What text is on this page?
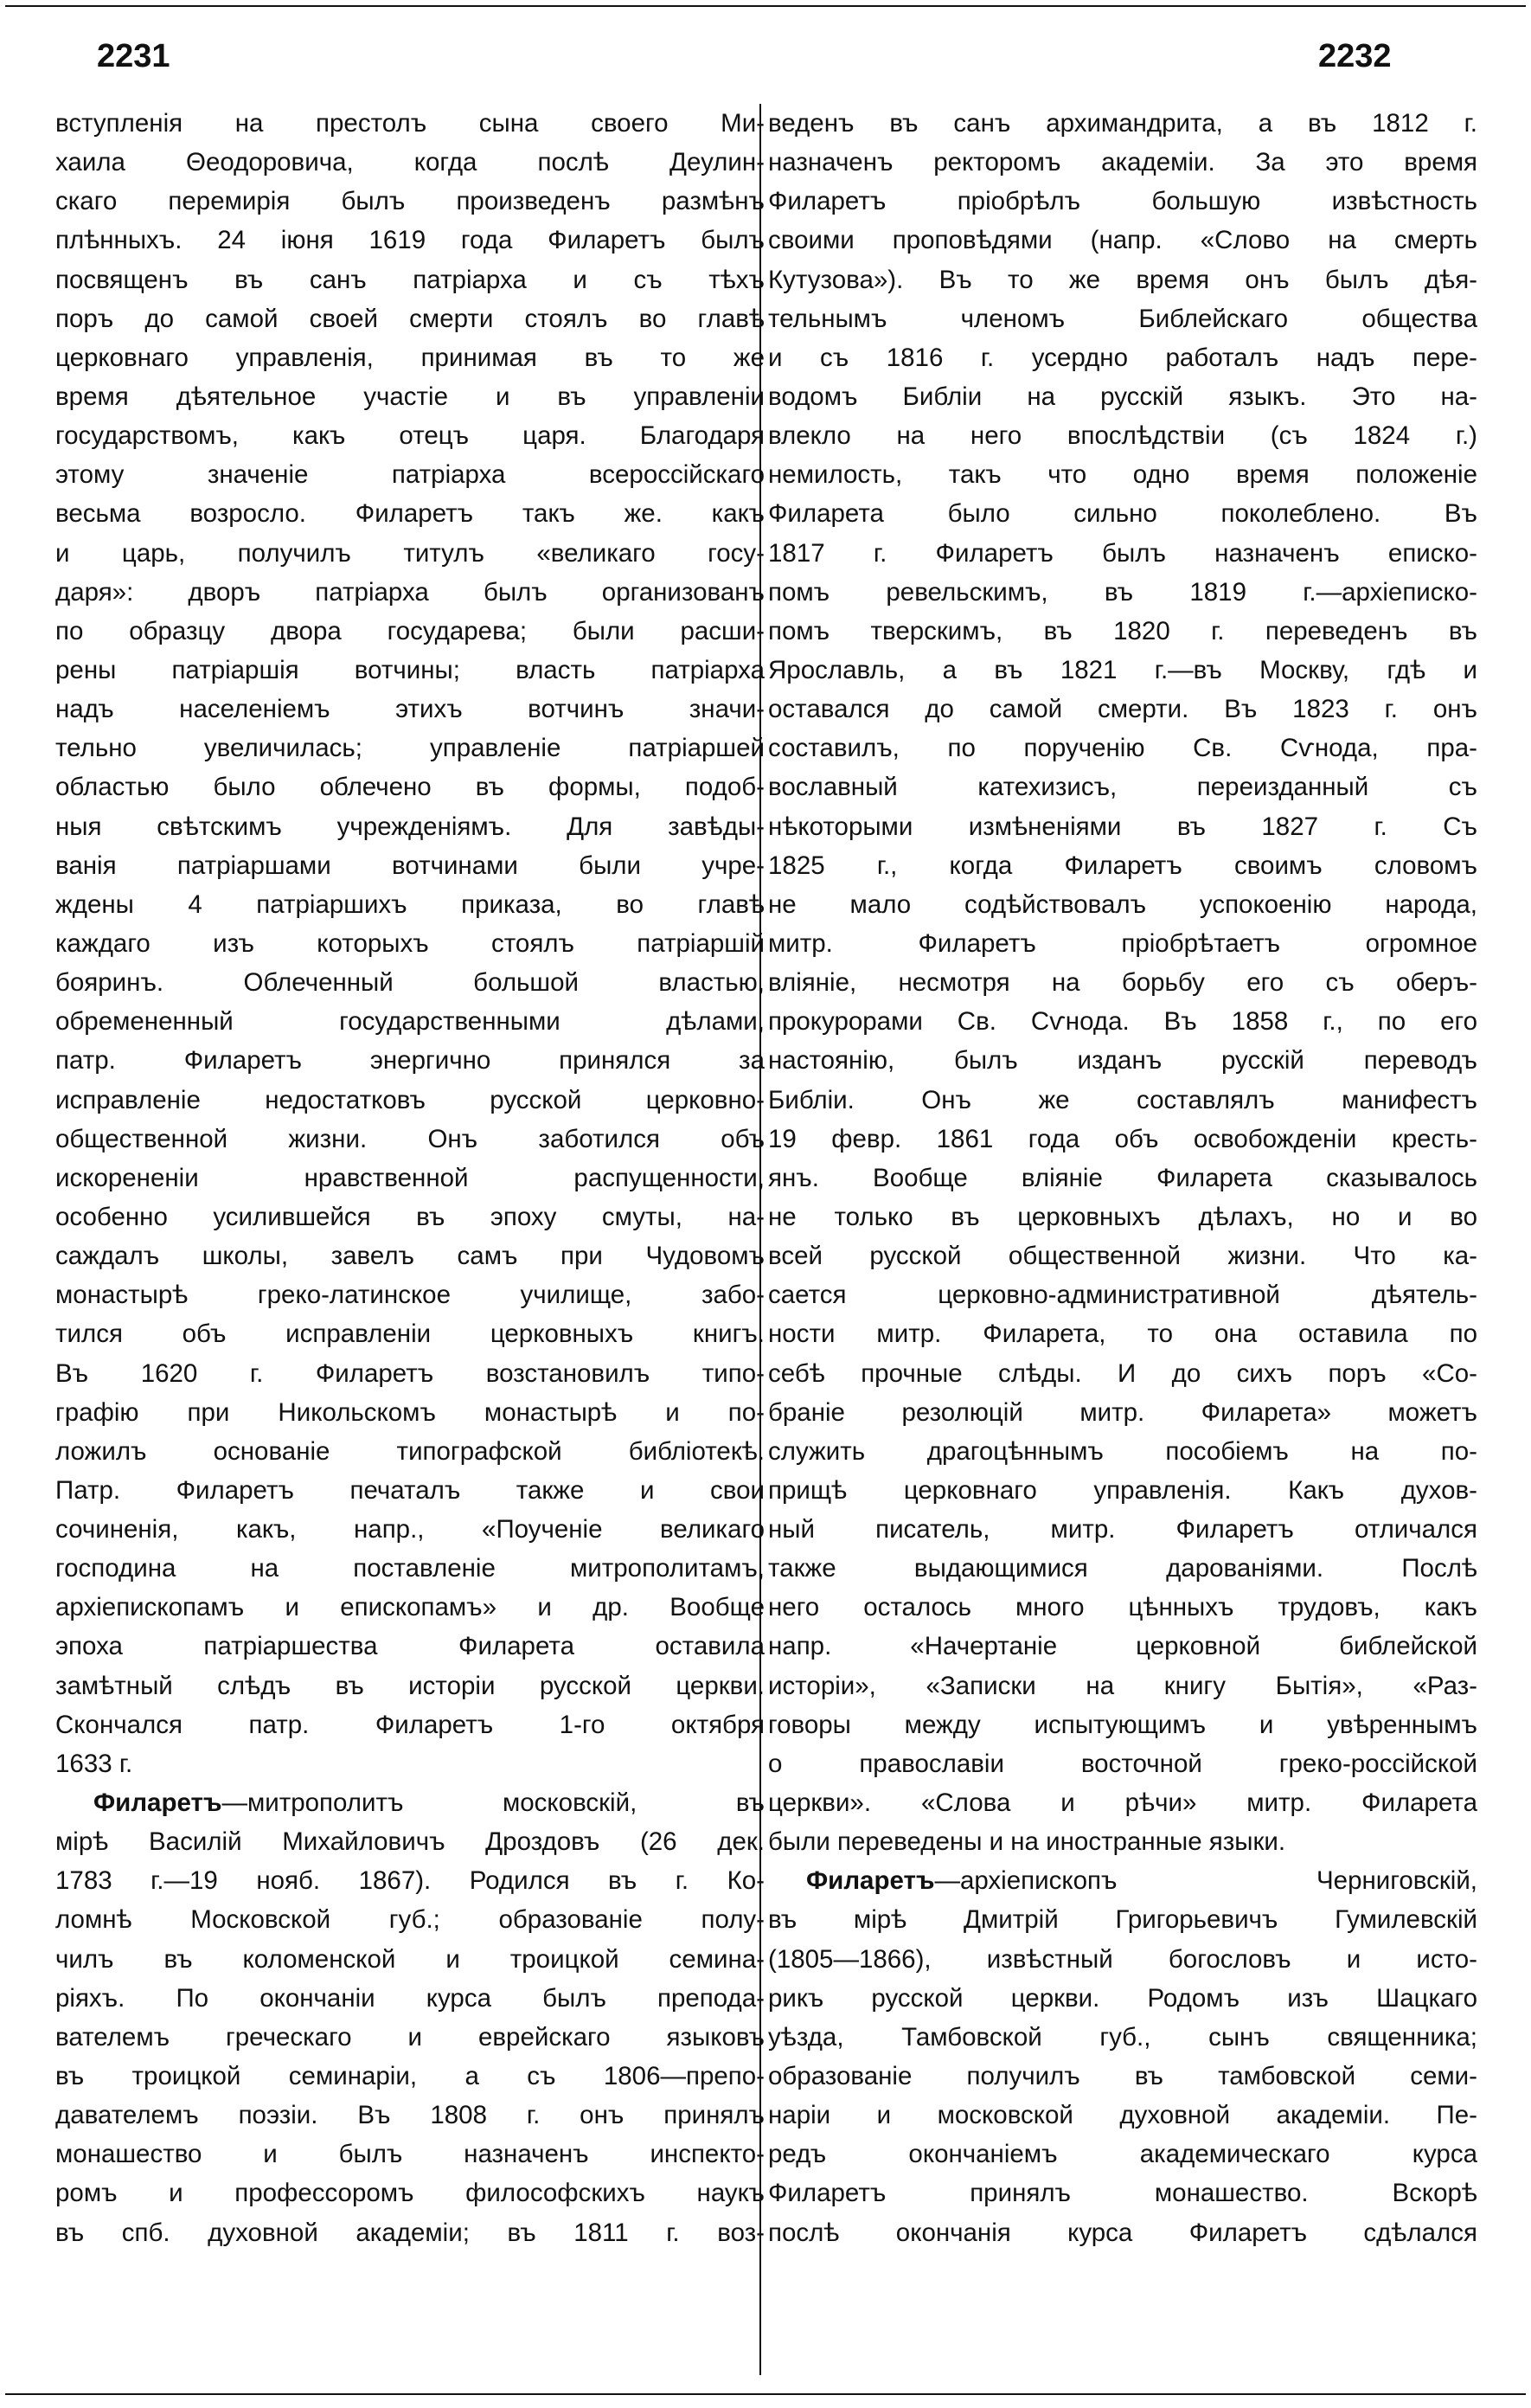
2231	2232
вступленія на престолъ сына своего Ми-
хаила Θеодоровича, когда послѣ Деулин-
скаго перемирія былъ произведенъ размѣнъ
плѣнныхъ. 24 іюня 1619 года Филаретъ былъ
посвященъ въ санъ патріарха и съ тѣхъ
поръ до самой своей смерти стоялъ во главѣ
церковнаго управленія, принимая въ то же
время дѣятельное участіе и въ управленіи
государствомъ, какъ отецъ царя. Благодаря
этому значеніе патріарха всероссійскаго
весьма возросло. Филаретъ такъ же. какъ
и царь, получилъ титулъ «великаго госу-
даря»: дворъ патріарха былъ организованъ
по образцу двора государева; были расши-
рены патріаршія вотчины; власть патріарха
надъ населеніемъ этихъ вотчинъ значи-
тельно увеличилась; управленіе патріаршей
областью было облечено въ формы, подоб-
ныя свѣтскимъ учрежденіямъ. Для завѣды-
ванія патріаршами вотчинами были учре-
ждены 4 патріаршихъ приказа, во главѣ
каждаго изъ которыхъ стоялъ патріаршій
бояринъ. Облеченный большой властью,
обремененный государственными дѣлами,
патр. Филаретъ энергично принялся за
исправленіе недостатковъ русской церковно-
общественной жизни. Онъ заботился объ
искорененіи нравственной распущенности,
особенно усилившейся въ эпоху смуты, на-
саждалъ школы, завелъ самъ при Чудовомъ
монастырѣ греко-латинское училище, забо-
тился объ исправленіи церковныхъ книгъ.
Въ 1620 г. Филаретъ возстановилъ типо-
графію при Никольскомъ монастырѣ и по-
ложилъ основаніе типографской библіотекѣ.
Патр. Филаретъ печаталъ также и свои
сочиненія, какъ, напр., «Поученіе великаго
господина на поставленіе митрополитамъ,
архіепископамъ и епископамъ» и др. Вообще
эпоха патріаршества Филарета оставила
замѣтный слѣдъ въ исторіи русской церкви.
Скончался патр. Филаретъ 1-го октября
1633 г.
Филаретъ—митрополитъ московскій, въ
мірѣ Василій Михайловичъ Дроздовъ (26 дек.
1783 г.—19 нояб. 1867). Родился въ г. Ко-
ломнѣ Московской губ.; образованіе полу-
чилъ въ коломенской и троицкой семина-
ріяхъ. По окончаніи курса былъ препода-
вателемъ греческаго и еврейскаго языковъ
въ троицкой семинаріи, а съ 1806—препо-
давателемъ поэзіи. Въ 1808 г. онъ принялъ
монашество и былъ назначенъ инспекто-
ромъ и профессоромъ философскихъ наукъ
въ спб. духовной академіи; въ 1811 г. воз-
веденъ въ санъ архимандрита, а въ 1812 г.
назначенъ ректоромъ академіи. За это время
Филаретъ пріобрѣлъ большую извѣстность
своими проповѣдями (напр. «Слово на смерть
Кутузова»). Въ то же время онъ былъ дѣя-
тельнымъ членомъ Библейскаго общества
и съ 1816 г. усердно работалъ надъ пере-
водомъ Библіи на русскій языкъ. Это на-
влекло на него впослѣдствіи (съ 1824 г.)
немилость, такъ что одно время положеніе
Филарета было сильно поколеблено. Въ
1817 г. Филаретъ былъ назначенъ еписко-
помъ ревельскимъ, въ 1819 г.—архіеписко-
помъ тверскимъ, въ 1820 г. переведенъ въ
Ярославль, а въ 1821 г.—въ Москву, гдѣ и
оставался до самой смерти. Въ 1823 г. онъ
составилъ, по порученію Св. Сѵнода, пра-
вославный катехизисъ, переизданный съ
нѣкоторыми измѣненіями въ 1827 г. Съ
1825 г., когда Филаретъ своимъ словомъ
не мало содѣйствовалъ успокоенію народа,
митр. Филаретъ пріобрѣтаетъ огромное
вліяніе, несмотря на борьбу его съ оберъ-
прокурорами Св. Сѵнода. Въ 1858 г., по его
настоянію, былъ изданъ русскій переводъ
Библіи. Онъ же составлялъ манифестъ
19 февр. 1861 года объ освобожденіи кресть-
янъ. Вообще вліяніе Филарета сказывалось
не только въ церковныхъ дѣлахъ, но и во
всей русской общественной жизни. Что ка-
сается церковно-административной дѣятель-
ности митр. Филарета, то она оставила по
себѣ прочные слѣды. И до сихъ поръ «Со-
браніе резолюцій митр. Филарета» можетъ
служить драгоцѣннымъ пособіемъ на по-
прищѣ церковнаго управленія. Какъ духов-
ный писатель, митр. Филаретъ отличался
также выдающимися дарованіями. Послѣ
него осталось много цѣнныхъ трудовъ, какъ
напр. «Начертаніе церковной библейской
исторіи», «Записки на книгу Бытія», «Раз-
говоры между испытующимъ и увѣреннымъ
о православіи восточной греко-россійской
церкви». «Слова и рѣчи» митр. Филарета
были переведены и на иностранные языки.
Филаретъ—архіепископъ Черниговскій,
въ мірѣ Дмитрій Григорьевичъ Гумилевскій
(1805—1866), извѣстный богословъ и исто-
рикъ русской церкви. Родомъ изъ Шацкаго
уѣзда, Тамбовской губ., сынъ священника;
образованіе получилъ въ тамбовской семи-
наріи и московской духовной академіи. Пе-
редъ окончаніемъ академическаго курса
Филаретъ принялъ монашество. Вскорѣ
послѣ окончанія курса Филаретъ сдѣлался
